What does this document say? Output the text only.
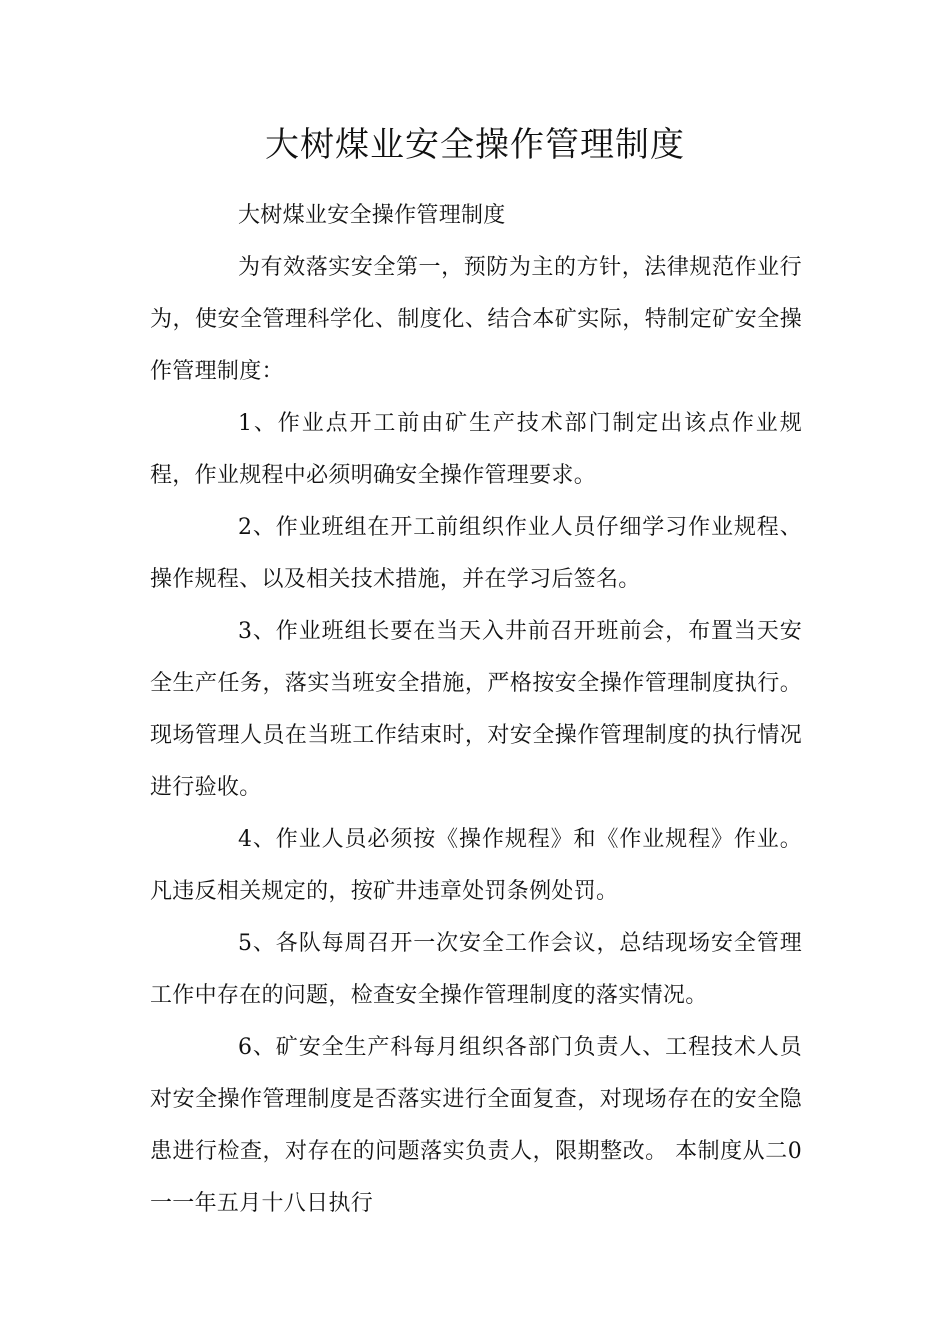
大树煤业安全操作管理制度

大树煤业安全操作管理制度

为有效落实安全第一，预防为主的方针，法律规范作业行为，使安全管理科学化、制度化、结合本矿实际，特制定矿安全操作管理制度：

1、作业点开工前由矿生产技术部门制定出该点作业规程，作业规程中必须明确安全操作管理要求。

2、作业班组在开工前组织作业人员仔细学习作业规程、操作规程、以及相关技术措施，并在学习后签名。

3、作业班组长要在当天入井前召开班前会，布置当天安全生产任务，落实当班安全措施，严格按安全操作管理制度执行。现场管理人员在当班工作结束时，对安全操作管理制度的执行情况进行验收。

4、作业人员必须按《操作规程》和《作业规程》作业。凡违反相关规定的，按矿井违章处罚条例处罚。

5、各队每周召开一次安全工作会议，总结现场安全管理工作中存在的问题，检查安全操作管理制度的落实情况。

6、矿安全生产科每月组织各部门负责人、工程技术人员对安全操作管理制度是否落实进行全面复查，对现场存在的安全隐患进行检查，对存在的问题落实负责人，限期整改。 本制度从二0一一年五月十八日执行
